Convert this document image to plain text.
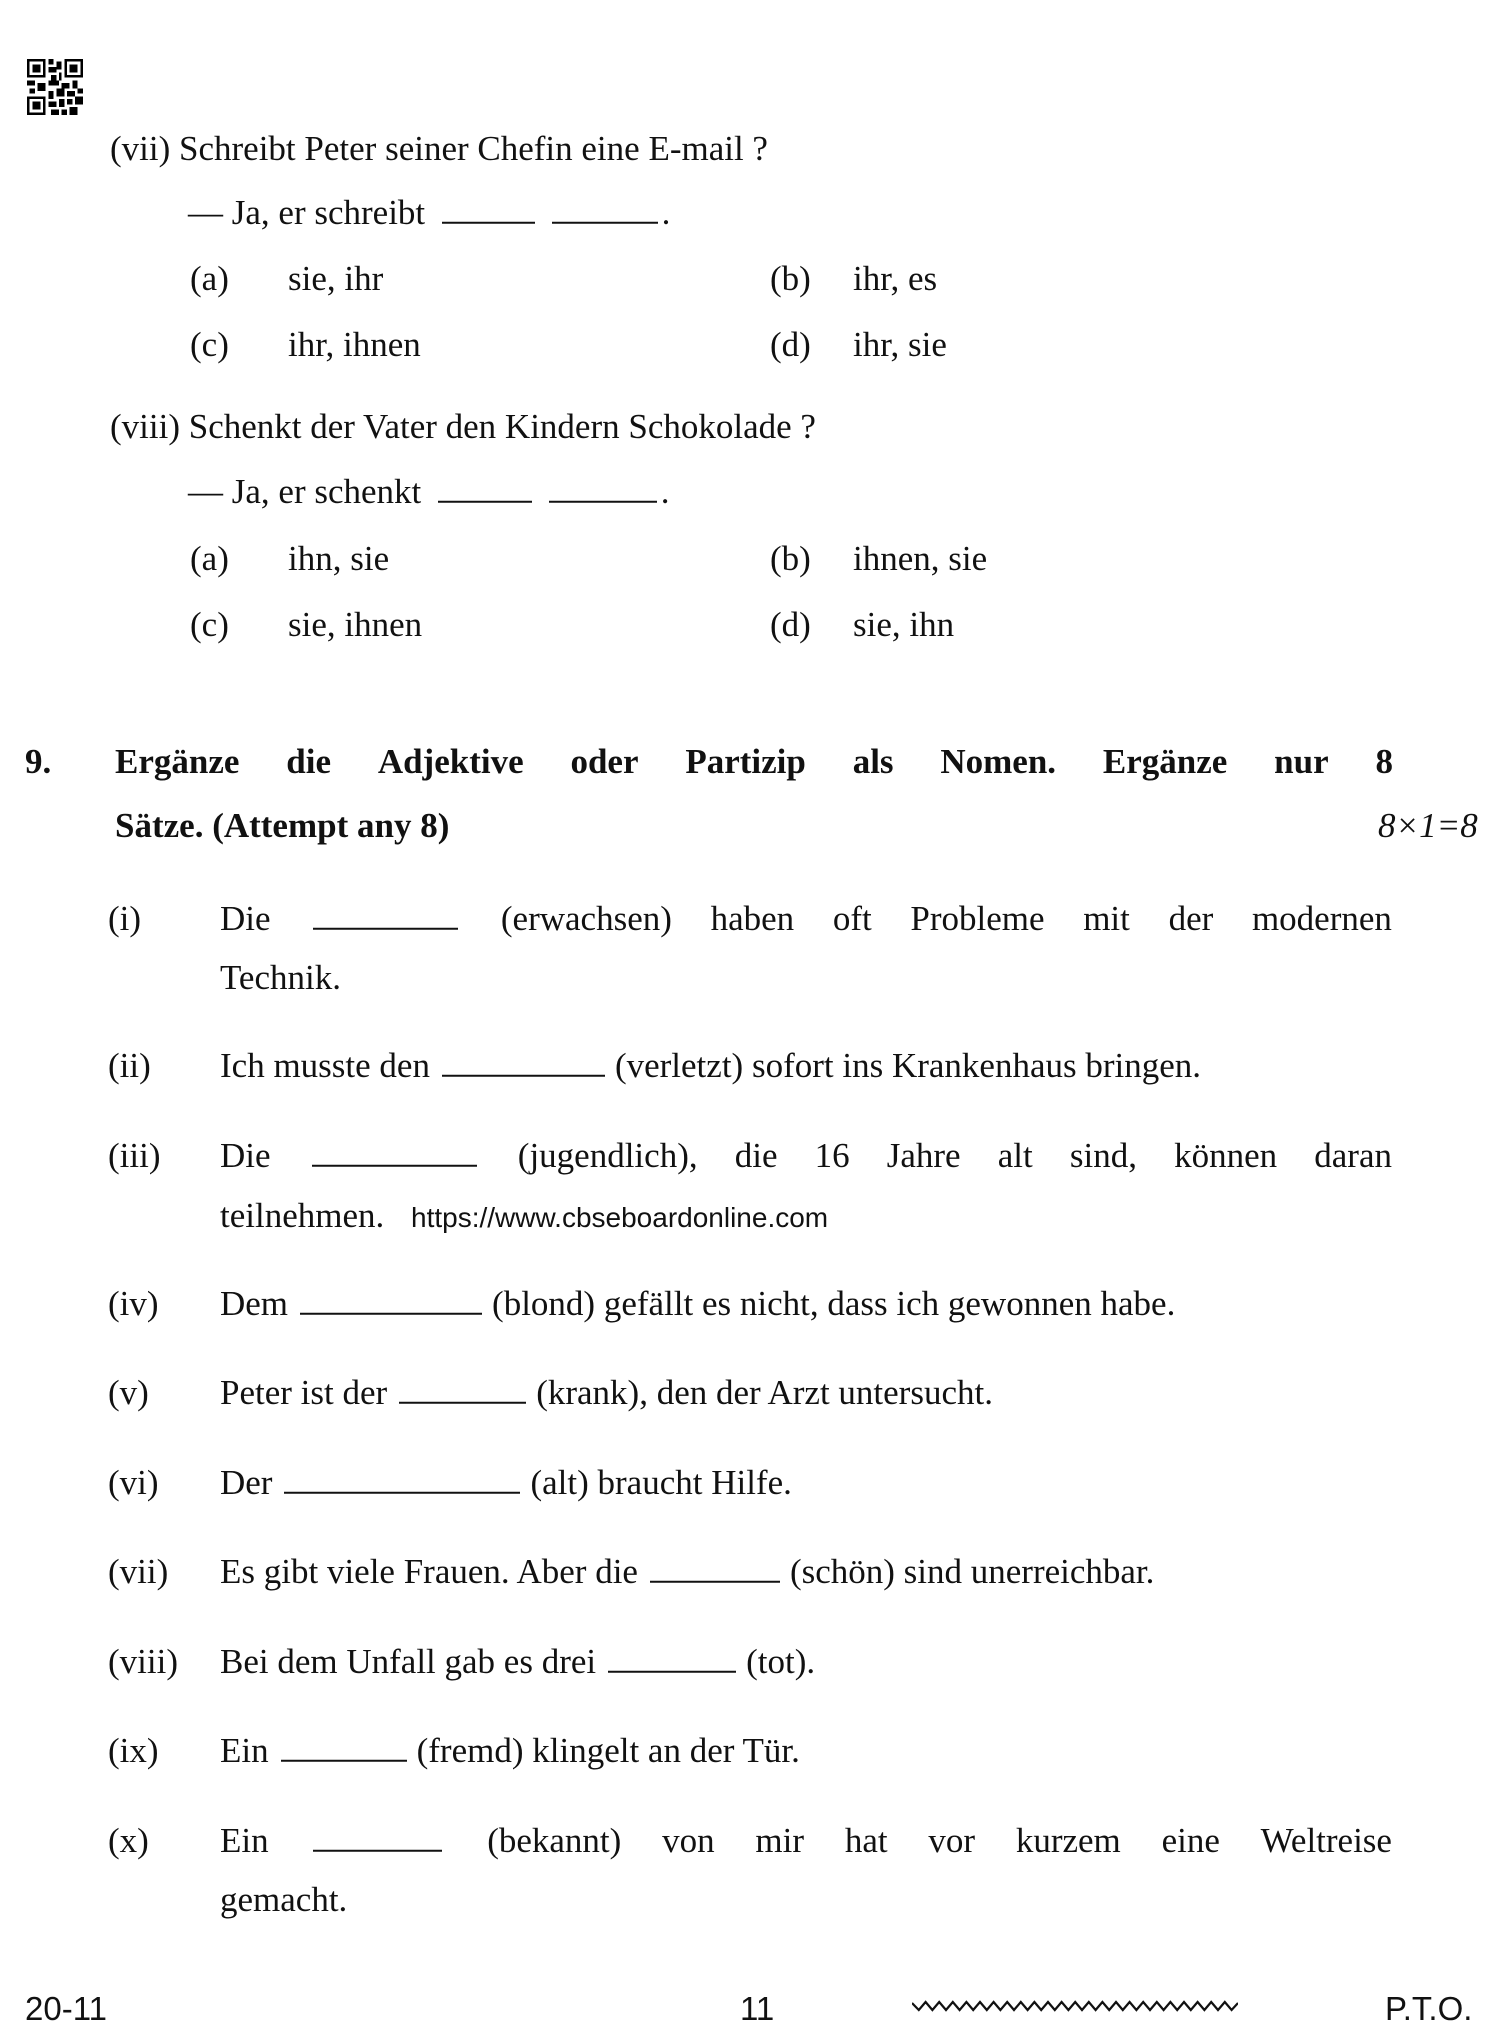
(vii) Schreibt Peter seiner Chefin eine E-mail ?
— Ja, er schreibt	.
(a) sie, ihr	(b) ihr, es
(c) ihr, ihnen	(d) ihr, sie
(viii) Schenkt der Vater den Kindern Schokolade ?
— Ja, er schenkt	.
(a) ihn, sie	(b) ihnen, sie
(c) sie, ihnen	(d) sie, ihn
9. Ergänze die Adjektive oder Partizip als Nomen. Ergänze nur 8
Sätze. (Attempt any 8)	8×1=8
(i) Die	(erwachsen) haben oft Probleme mit der modernen
Technik.
(ii) Ich musste den	(verletzt) sofort ins Krankenhaus bringen.
(iii) Die	(jugendlich), die 16 Jahre alt sind, können daran
teilnehmen. https://www.cbseboardonline.com
(iv) Dem	(blond) gefällt es nicht, dass ich gewonnen habe.
(v) Peter ist der	(krank), den der Arzt untersucht.
(vi) Der	(alt) braucht Hilfe.
(vii) Es gibt viele Frauen. Aber die	(schön) sind unerreichbar.
(viii) Bei dem Unfall gab es drei	(tot).
(ix) Ein	(fremd) klingelt an der Tür.
(x) Ein	(bekannt) von mir hat vor kurzem eine Weltreise
gemacht.
20-11	11	P.T.O.
